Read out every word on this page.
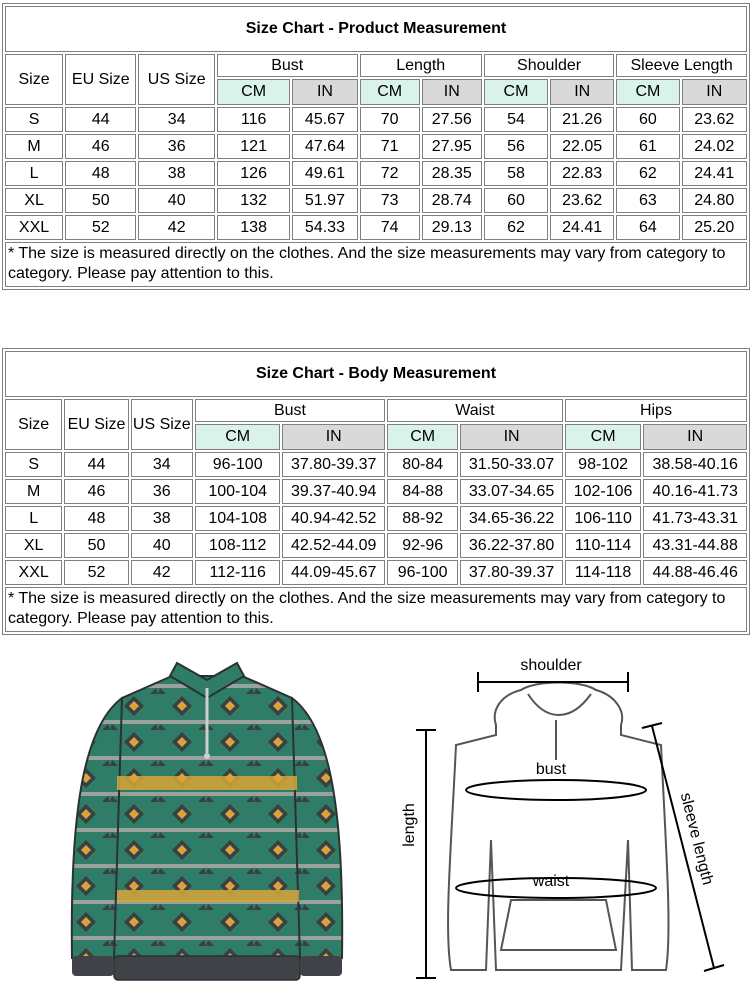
Size Chart - Product Measurement										
Size	EU Size	US Size	Bust		Length		Shoulder		Sleeve Length	
			CM	IN	CM	IN	CM	IN	CM	IN
S	44	34	116	45.67	70	27.56	54	21.26	60	23.62
M	46	36	121	47.64	71	27.95	56	22.05	61	24.02
L	48	38	126	49.61	72	28.35	58	22.83	62	24.41
XL	50	40	132	51.97	73	28.74	60	23.62	63	24.80
XXL	52	42	138	54.33	74	29.13	62	24.41	64	25.20
* The size is measured directly on the clothes. And the size measurements may vary from category to category. Please pay attention to this.										
Size Chart - Body Measurement								
Size	EU Size	US Size	Bust		Waist		Hips	
			CM	IN	CM	IN	CM	IN
S	44	34	96-100	37.80-39.37	80-84	31.50-33.07	98-102	38.58-40.16
M	46	36	100-104	39.37-40.94	84-88	33.07-34.65	102-106	40.16-41.73
L	48	38	104-108	40.94-42.52	88-92	34.65-36.22	106-110	41.73-43.31
XL	50	40	108-112	42.52-44.09	92-96	36.22-37.80	110-114	43.31-44.88
XXL	52	42	112-116	44.09-45.67	96-100	37.80-39.37	114-118	44.88-46.46
* The size is measured directly on the clothes. And the size measurements may vary from category to category. Please pay attention to this.								
shoulder
bust
waist
length	sleeve length
